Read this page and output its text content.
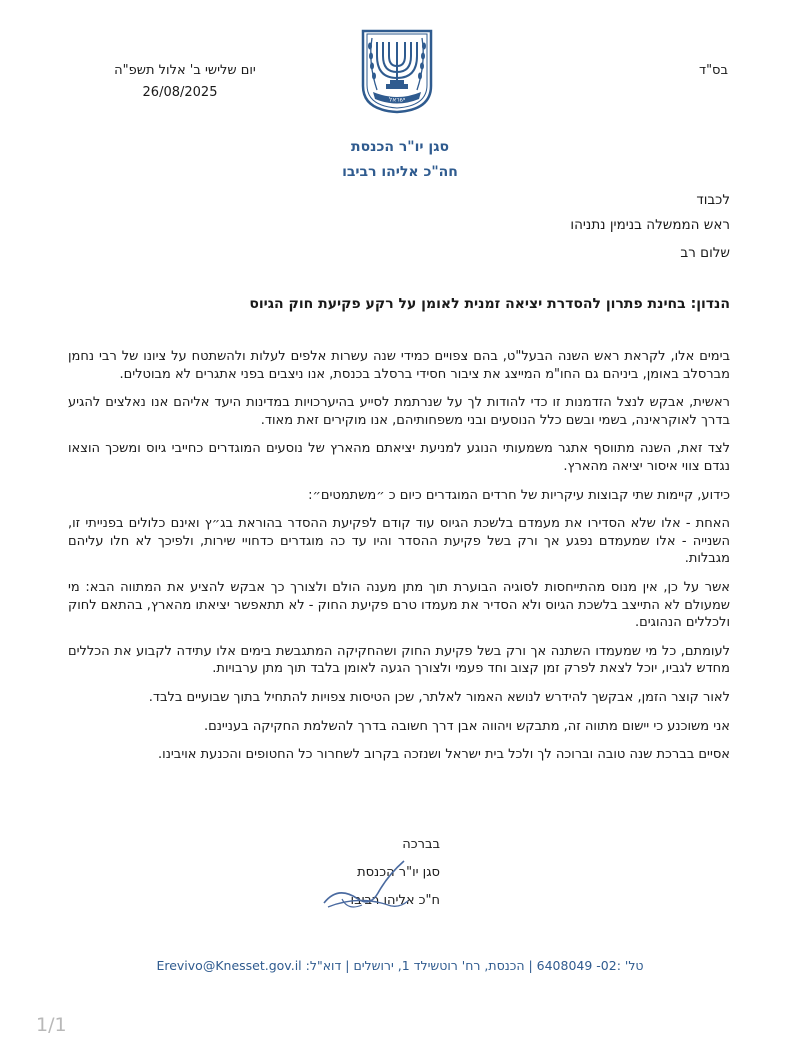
בס"ד
יום שלישי ב' אלול תשפ"ה
26/08/2025	ישראל
סגן יו"ר הכנסת
חה"כ אליהו רביבו
לכבוד
ראש הממשלה בנימין נתניהו
שלום רב
הנדון: בחינת פתרון להסדרת יציאה זמנית לאומן על רקע פקיעת חוק הגיוס

בימים אלו, לקראת ראש השנה הבעל"ט, בהם צפויים כמידי שנה עשרות אלפים לעלות ולהשתטח על ציונו של רבי נחמן מברסלב באומן, ביניהם גם החו"מ המייצג את ציבור חסידי ברסלב בכנסת, אנו ניצבים בפני אתגרים לא מבוטלים.

ראשית, אבקש לנצל הזדמנות זו כדי להודות לך על שנרתמת לסייע בהיערכויות במדינות היעד אליהם אנו נאלצים להגיע בדרך לאוקראינה, בשמי ובשם כלל הנוסעים ובני משפחותיהם, אנו מוקירים זאת מאוד.

לצד זאת, השנה מתווסף אתגר משמעותי הנוגע למניעת יציאתם מהארץ של נוסעים המוגדרים כחייבי גיוס ומשכך הוצאו נגדם צווי איסור יציאה מהארץ.

כידוע, קיימות שתי קבוצות עיקריות של חרדים המוגדרים כיום כ ״משתמטים״:

האחת - אלו שלא הסדירו את מעמדם בלשכת הגיוס עוד קודם לפקיעת ההסדר בהוראת בג״ץ ואינם כלולים בפנייתי זו, השנייה - אלו שמעמדם נפגע אך ורק בשל פקיעת ההסדר והיו עד כה מוגדרים כדחויי שירות, ולפיכך לא חלו עליהם מגבלות.

אשר על כן, אין מנוס מהתייחסות לסוגיה הבוערת תוך מתן מענה הולם ולצורך כך אבקש להציע את המתווה הבא: מי שמעולם לא התייצב בלשכת הגיוס ולא הסדיר את מעמדו טרם פקיעת החוק - לא תתאפשר יציאתו מהארץ, בהתאם לחוק ולכללים הנהוגים.

לעומתם, כל מי שמעמדו השתנה אך ורק בשל פקיעת החוק ושהחקיקה המתגבשת בימים אלו עתידה לקבוע את הכללים מחדש לגביו, יוכל לצאת לפרק זמן קצוב וחד פעמי ולצורך הגעה לאומן בלבד תוך מתן ערבויות.

לאור קוצר הזמן, אבקשך להידרש לנושא האמור לאלתר, שכן הטיסות צפויות להתחיל בתוך שבועיים בלבד.

אני משוכנע כי יישום מתווה זה, מתבקש ויהווה אבן דרך חשובה בדרך להשלמת החקיקה בעניינם.

אסיים בברכת שנה טובה וברוכה לך ולכל בית ישראל ושנזכה בקרוב לשחרור כל החטופים והכנעת אויבינו.

בברכה
סגן יו"ר הכנסת
ח"כ אליהו רביבו
טל' :02- 6408049 | הכנסת, רח' רוטשילד 1, ירושלים | דוא"ל: Erevivo@Knesset.gov.il
1/1
